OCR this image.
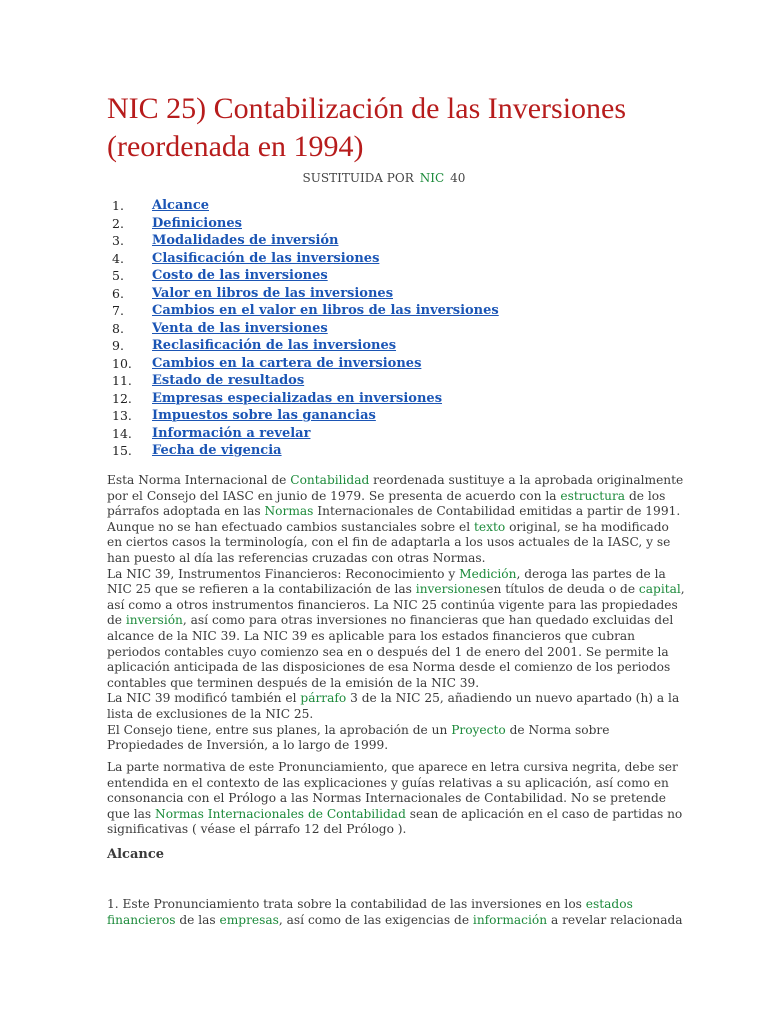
NIC 25) Contabilización de las Inversiones (reordenada en 1994)
SUSTITUIDA POR NIC 40
1.	Alcance
2.	Definiciones
3.	Modalidades de inversión
4.	Clasificación de las inversiones
5.	Costo de las inversiones
6.	Valor en libros de las inversiones
7.	Cambios en el valor en libros de las inversiones
8.	Venta de las inversiones
9.	Reclasificación de las inversiones
10.	Cambios en la cartera de inversiones
11.	Estado de resultados
12.	Empresas especializadas en inversiones
13.	Impuestos sobre las ganancias
14.	Información a revelar
15.	Fecha de vigencia

Esta Norma Internacional de Contabilidad reordenada sustituye a la aprobada originalmente por el Consejo del IASC en junio de 1979. Se presenta de acuerdo con la estructura de los párrafos adoptada en las Normas Internacionales de Contabilidad emitidas a partir de 1991. Aunque no se han efectuado cambios sustanciales sobre el texto original, se ha modificado en ciertos casos la terminología, con el fin de adaptarla a los usos actuales de la IASC, y se han puesto al día las referencias cruzadas con otras Normas.

La NIC 39, Instrumentos Financieros: Reconocimiento y Medición, deroga las partes de la NIC 25 que se refieren a la contabilización de las inversionesen títulos de deuda o de capital, así como a otros instrumentos financieros. La NIC 25 continúa vigente para las propiedades de inversión, así como para otras inversiones no financieras que han quedado excluidas del alcance de la NIC 39. La NIC 39 es aplicable para los estados financieros que cubran periodos contables cuyo comienzo sea en o después del 1 de enero del 2001. Se permite la aplicación anticipada de las disposiciones de esa Norma desde el comienzo de los periodos contables que terminen después de la emisión de la NIC 39.

La NIC 39 modificó también el párrafo 3 de la NIC 25, añadiendo un nuevo apartado (h) a la lista de exclusiones de la NIC 25.

El Consejo tiene, entre sus planes, la aprobación de un Proyecto de Norma sobre Propiedades de Inversión, a lo largo de 1999.

La parte normativa de este Pronunciamiento, que aparece en letra cursiva negrita, debe ser entendida en el contexto de las explicaciones y guías relativas a su aplicación, así como en consonancia con el Prólogo a las Normas Internacionales de Contabilidad. No se pretende que las Normas Internacionales de Contabilidad sean de aplicación en el caso de partidas no significativas ( véase el párrafo 12 del Prólogo ).

Alcance

1. Este Pronunciamiento trata sobre la contabilidad de las inversiones en los estados financieros de las empresas, así como de las exigencias de información a revelar relacionada
